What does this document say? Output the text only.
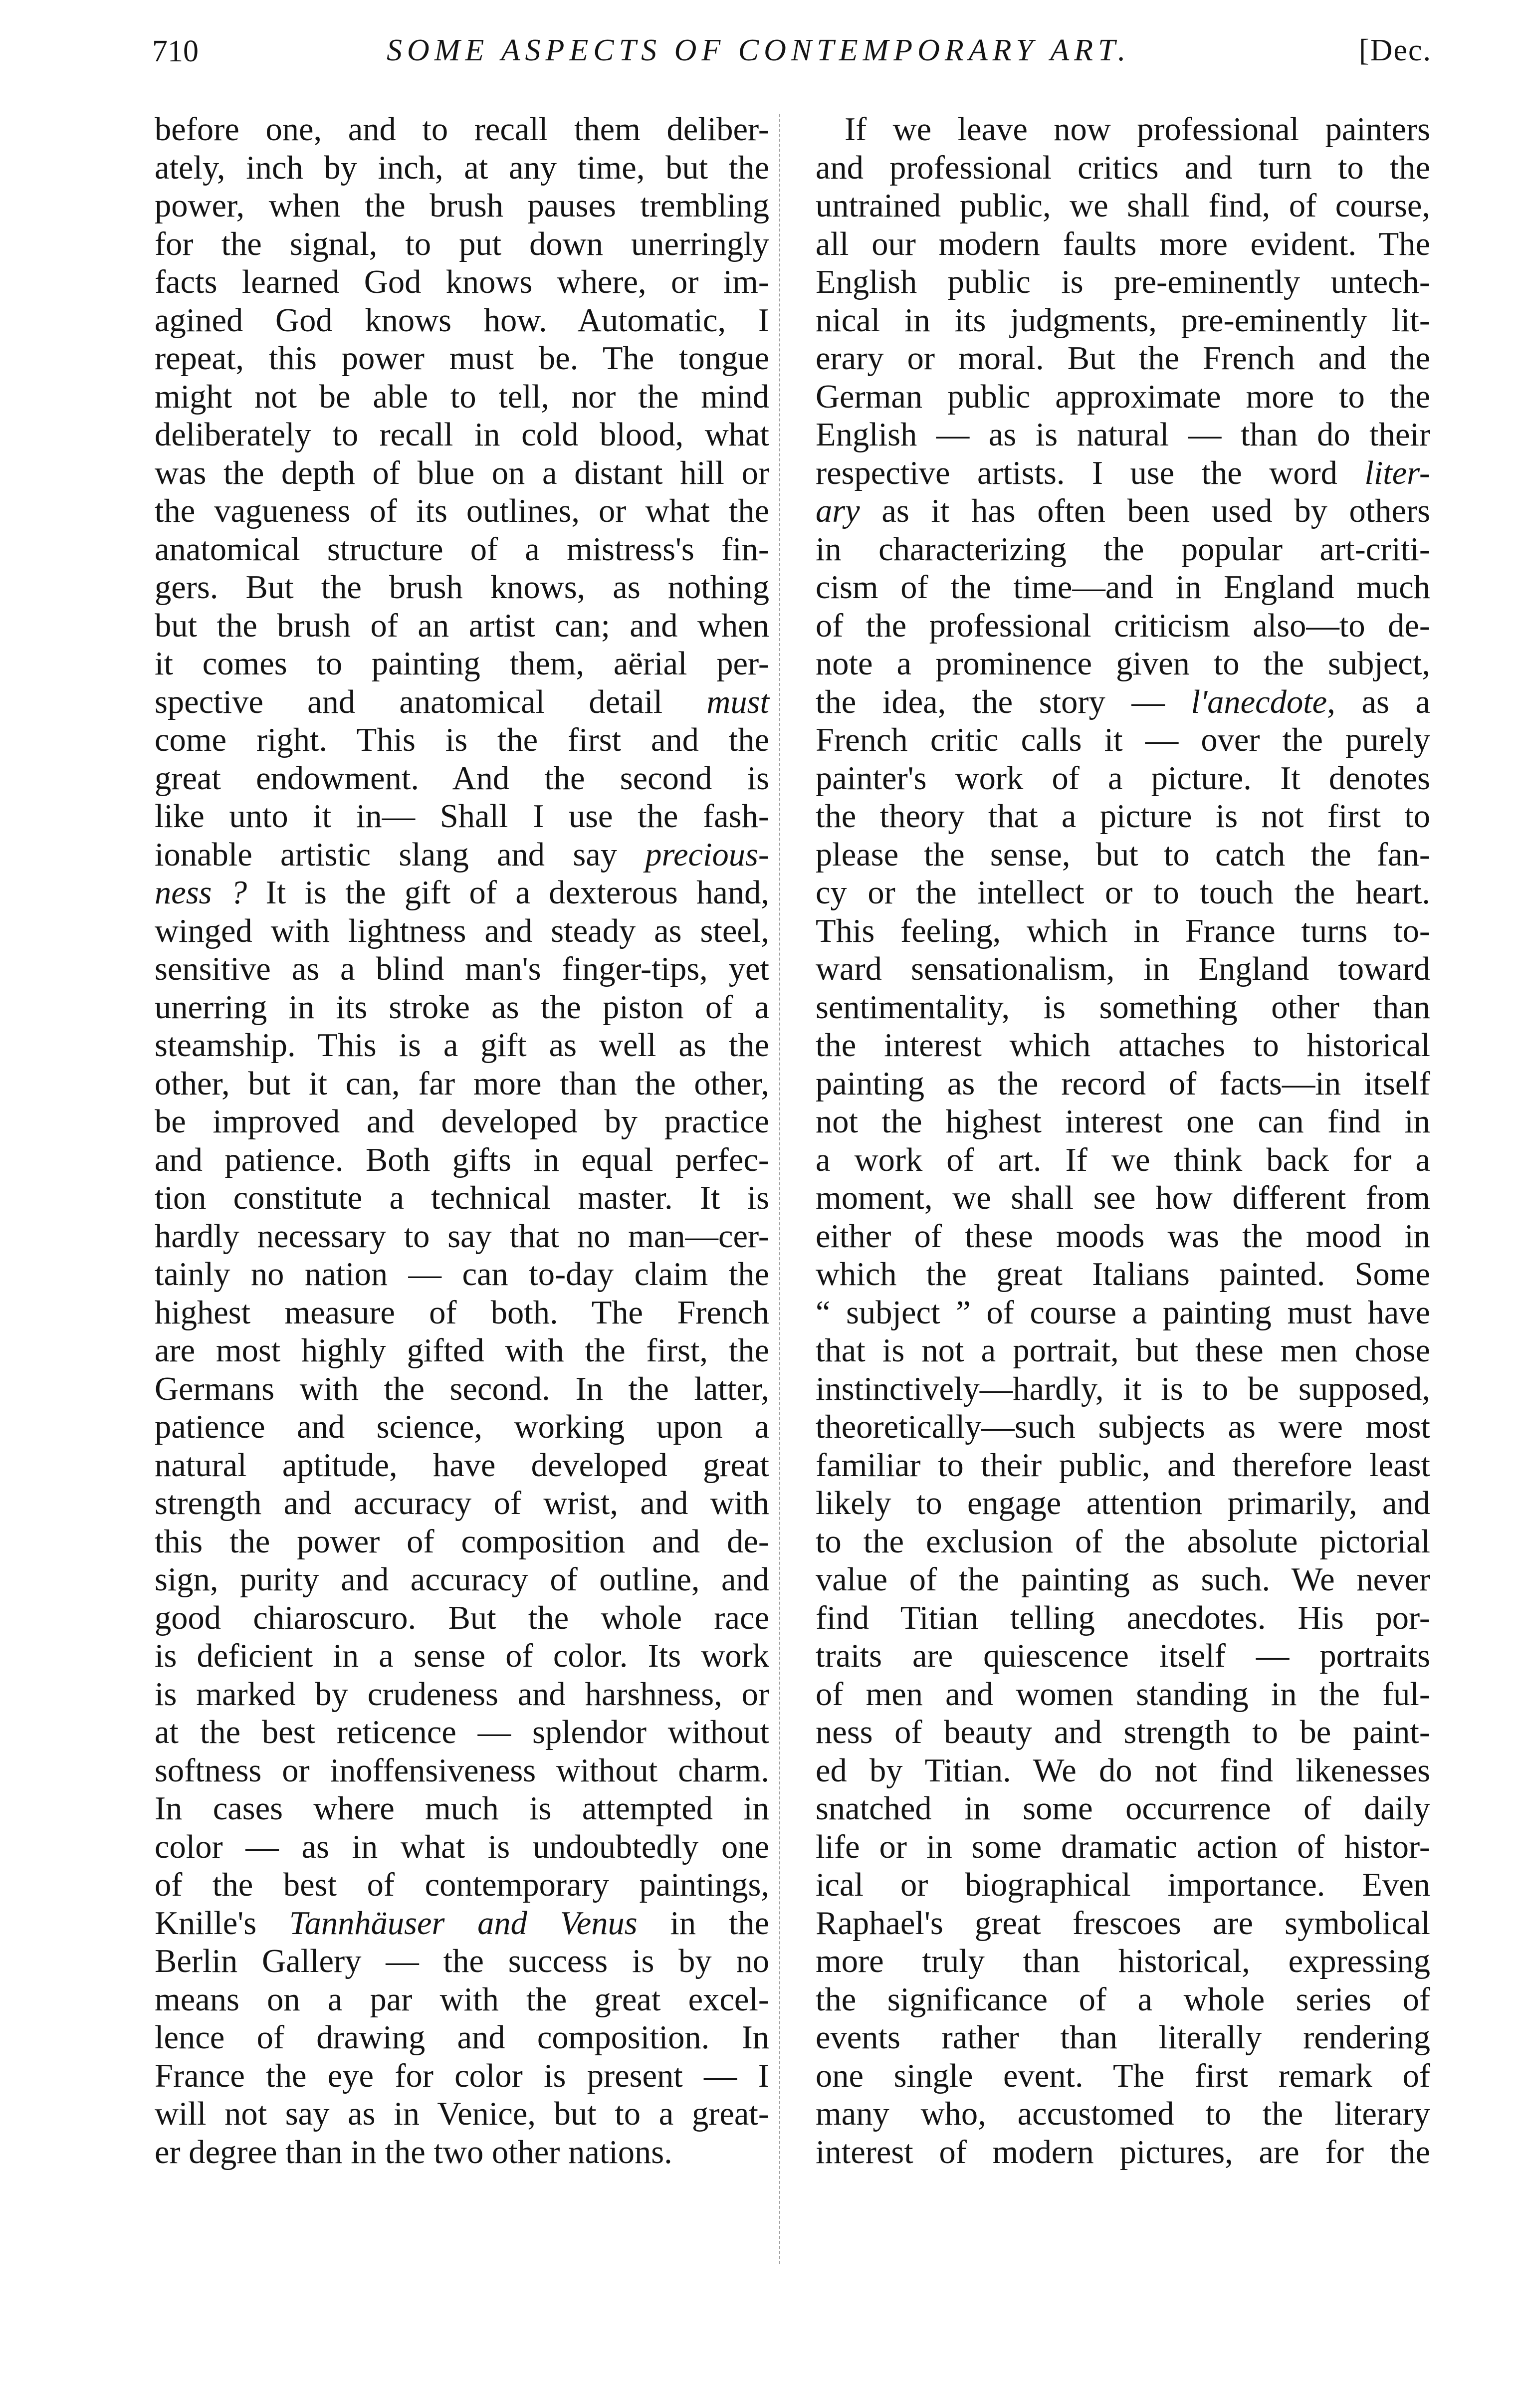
710	SOME ASPECTS OF CONTEMPORARY ART.	[Dec.
before one, and to recall them deliber-
ately, inch by inch, at any time, but the
power, when the brush pauses trembling
for the signal, to put down unerringly
facts learned God knows where, or im-
agined God knows how. Automatic, I
repeat, this power must be. The tongue
might not be able to tell, nor the mind
deliberately to recall in cold blood, what
was the depth of blue on a distant hill or
the vagueness of its outlines, or what the
anatomical structure of a mistress's fin-
gers. But the brush knows, as nothing
but the brush of an artist can; and when
it comes to painting them, aërial per-
spective and anatomical detail must
come right. This is the first and the
great endowment. And the second is
like unto it in— Shall I use the fash-
ionable artistic slang and say precious-
ness ? It is the gift of a dexterous hand,
winged with lightness and steady as steel,
sensitive as a blind man's finger-tips, yet
unerring in its stroke as the piston of a
steamship. This is a gift as well as the
other, but it can, far more than the other,
be improved and developed by practice
and patience. Both gifts in equal perfec-
tion constitute a technical master. It is
hardly necessary to say that no man—cer-
tainly no nation — can to-day claim the
highest measure of both. The French
are most highly gifted with the first, the
Germans with the second. In the latter,
patience and science, working upon a
natural aptitude, have developed great
strength and accuracy of wrist, and with
this the power of composition and de-
sign, purity and accuracy of outline, and
good chiaroscuro. But the whole race
is deficient in a sense of color. Its work
is marked by crudeness and harshness, or
at the best reticence — splendor without
softness or inoffensiveness without charm.
In cases where much is attempted in
color — as in what is undoubtedly one
of the best of contemporary paintings,
Knille's Tannhäuser and Venus in the
Berlin Gallery — the success is by no
means on a par with the great excel-
lence of drawing and composition. In
France the eye for color is present — I
will not say as in Venice, but to a great-
er degree than in the two other nations.
If we leave now professional painters
and professional critics and turn to the
untrained public, we shall find, of course,
all our modern faults more evident. The
English public is pre-eminently untech-
nical in its judgments, pre-eminently lit-
erary or moral. But the French and the
German public approximate more to the
English — as is natural — than do their
respective artists. I use the word liter-
ary as it has often been used by others
in characterizing the popular art-criti-
cism of the time—and in England much
of the professional criticism also—to de-
note a prominence given to the subject,
the idea, the story — l'anecdote, as a
French critic calls it — over the purely
painter's work of a picture. It denotes
the theory that a picture is not first to
please the sense, but to catch the fan-
cy or the intellect or to touch the heart.
This feeling, which in France turns to-
ward sensationalism, in England toward
sentimentality, is something other than
the interest which attaches to historical
painting as the record of facts—in itself
not the highest interest one can find in
a work of art. If we think back for a
moment, we shall see how different from
either of these moods was the mood in
which the great Italians painted. Some
“ subject ” of course a painting must have
that is not a portrait, but these men chose
instinctively—hardly, it is to be supposed,
theoretically—such subjects as were most
familiar to their public, and therefore least
likely to engage attention primarily, and
to the exclusion of the absolute pictorial
value of the painting as such. We never
find Titian telling anecdotes. His por-
traits are quiescence itself — portraits
of men and women standing in the ful-
ness of beauty and strength to be paint-
ed by Titian. We do not find likenesses
snatched in some occurrence of daily
life or in some dramatic action of histor-
ical or biographical importance. Even
Raphael's great frescoes are symbolical
more truly than historical, expressing
the significance of a whole series of
events rather than literally rendering
one single event. The first remark of
many who, accustomed to the literary
interest of modern pictures, are for the
